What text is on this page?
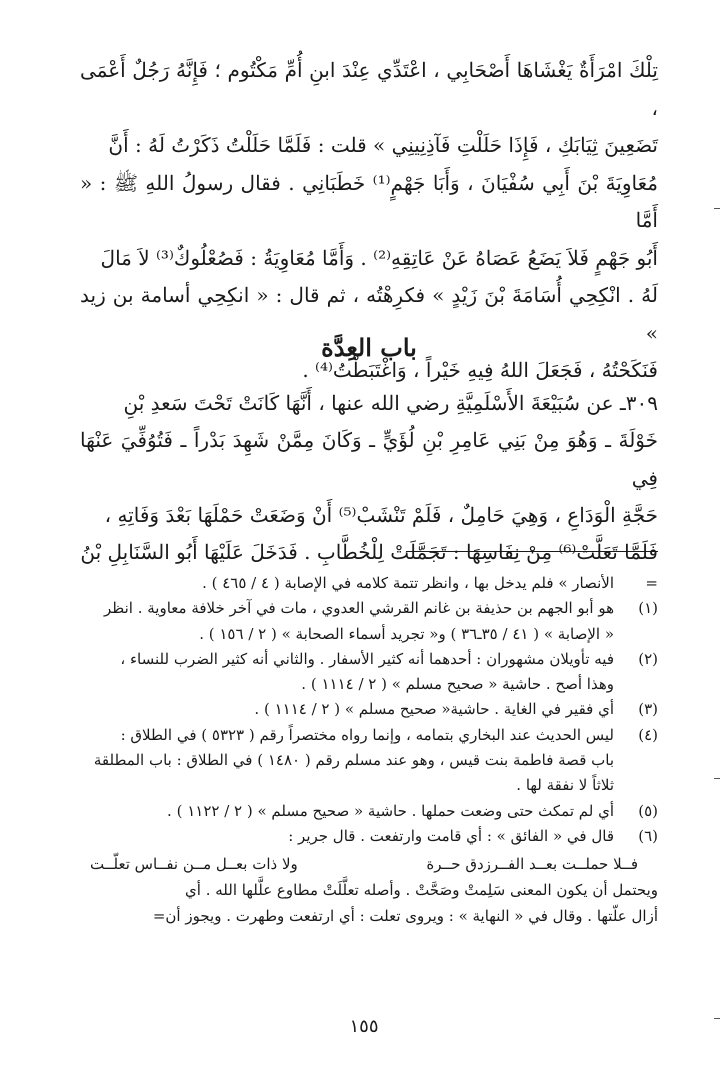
تِلْكَ امْرَأَةٌ يَغْشَاهَا أَصْحَابِي ، اعْتَدِّي عِنْدَ ابنِ أُمِّ مَكْتُوم ؛ فَإِنَّهُ رَجُلٌ أَعْمَى ،

تَضَعِينَ ثِيَابَكِ ، فَإِذَا حَلَلْتِ فَآذِنِينِي » قلت : فَلَمَّا حَلَلْتُ ذَكَرْتُ لَهُ : أَنَّ

مُعَاوِيَةَ بْنَ أَبِي سُفْيَانَ ، وَأَبَا جَهْمٍ⁽¹⁾ خَطَبَانِي . فقال رسولُ اللهِ ﷺ : « أَمَّا

أَبُو جَهْمٍ فَلاَ يَضَعُ عَصَاهُ عَنْ عَاتِقِهِ⁽²⁾ . وَأَمَّا مُعَاوِيَةُ : فَصُعْلُوكٌ⁽³⁾ لاَ مَالَ

لَهُ . انْكِحِي أُسَامَةَ بْنَ زَيْدٍ » فكرِهْتُه ، ثم قال : « انكِحِي أسامة بن زيد »

فَنَكَحْتُهُ ، فَجَعَلَ اللهُ فِيهِ خَيْراً ، وَاغْتَبَطْتُ⁽⁴⁾ .

باب العِدَّة

٣٠٩ـ عن سُبَيْعَةَ الأَسْلَمِيَّةِ رضي الله عنها ، أَنَّهَا كَانَتْ تَحْتَ سَعدِ بْنِ

خَوْلَةَ ـ وَهُوَ مِنْ بَنِي عَامِرِ بْنِ لُؤَيٍّ ـ وَكَانَ مِمَّنْ شَهِدَ بَدْراً ـ فَتُوُفِّيَ عَنْهَا فِي

حَجَّةِ الْوَدَاعِ ، وَهِيَ حَامِلٌ ، فَلَمْ تَنْشَبْ⁽⁵⁾ أَنْ وَضَعَتْ حَمْلَهَا بَعْدَ وَفَاتِهِ ،

فَلَمَّا تَعَلَّتْ⁽⁶⁾ مِنْ نِفَاسِهَا : تَجَمَّلَتْ لِلْخُطَّابِ . فَدَخَلَ عَلَيْهَا أَبُو السَّنَابِلِ بْنُ

=
الأنصار » فلم يدخل بها ، وانظر تتمة كلامه في الإصابة ( ٤ / ٤٦٥ ) .
(١)
هو أبو الجهم بن حذيفة بن غانم القرشي العدوي ، مات في آخر خلافة معاوية . انظر
« الإصابة » ( ٤١ / ٣٥ـ٣٦ ) و« تجريد أسماء الصحابة » ( ٢ / ١٥٦ ) .
(٢)
فيه تأويلان مشهوران : أحدهما أنه كثير الأسفار . والثاني أنه كثير الضرب للنساء ،
وهذا أصح . حاشية « صحيح مسلم » ( ٢ / ١١١٤ ) .
(٣)
أي فقير في الغاية . حاشية« صحيح مسلم » ( ٢ / ١١١٤ ) .
(٤)
ليس الحديث عند البخاري بتمامه ، وإنما رواه مختصراً رقم ( ٥٣٢٣ ) في الطلاق :
باب قصة فاطمة بنت قيس ، وهو عند مسلم رقم ( ١٤٨٠ ) في الطلاق : باب المطلقة
ثلاثاً لا نفقة لها .
(٥)
أي لم تمكث حتى وضعت حملها . حاشية « صحيح مسلم » ( ٢ / ١١٢٢ ) .
(٦)
قال في « الفائق » : أي قامت وارتفعت . قال جرير :
فــلا حملــت بعــد الفــرزدق حــرة
ولا ذات بعــل مــن نفــاس تعلّــت

ويحتمل أن يكون المعنى سَلِمتْ وصَحَّتْ . وأصله تعلَّلَتْ مطاوع علَّلها الله . أي

أزال علّتها . وقال في « النهاية » : ويروى تعلت : أي ارتفعت وطهرت . ويجوز أن=

١٥٥
